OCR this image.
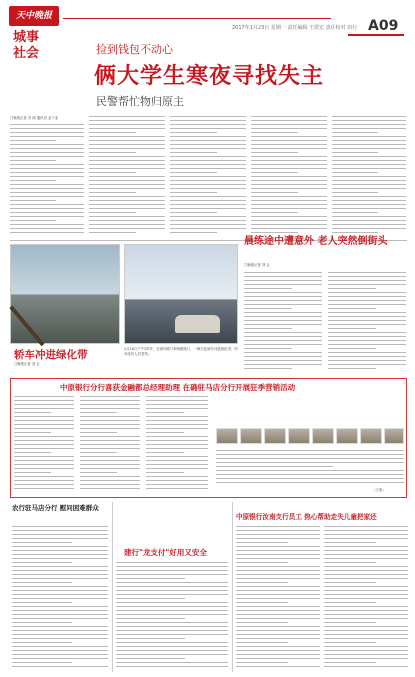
天中晚报
城事社会
2017年1月23日 星期一 责任编辑 王震宏 责任校对 田行 A09
捡到钱包不动心
俩大学生寒夜寻找失主
民警帮忙物归原主
□晚报记者 苏 阁 通讯员 孟子亚
轿车冲进绿化带
□晚报记者 刘 会
1月18日下午2时许，在西环路与荆州路路口，一辆白色轿车冲进绿化带，所幸没有人员受伤。
晨练途中遭意外 老人突然倒街头
□晚报记者 刘 会
中原银行分行喜获金融都总经理助理 在确驻马店分行开展狂季营销活动
（王茜）
农行驻马店分行 慰问困难群众
建行"龙支付"好用又安全
中原银行汝南支行员工 热心帮助走失儿童把家还
